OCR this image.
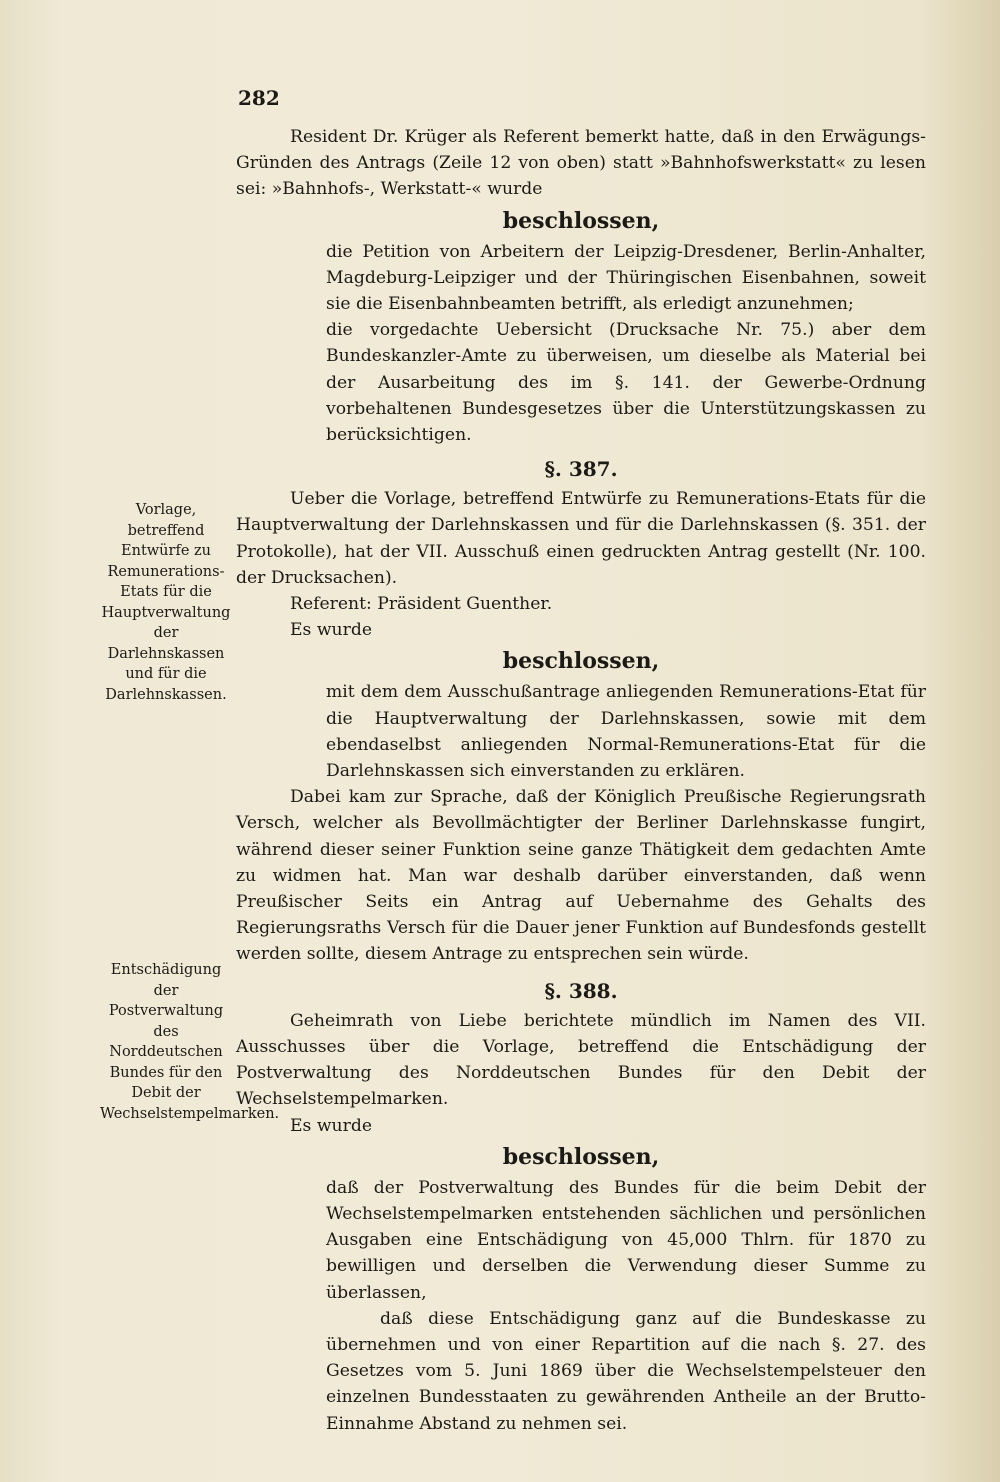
282

Resident Dr. Krüger als Referent bemerkt hatte, daß in den Erwägungs-Gründen des Antrags (Zeile 12 von oben) statt »Bahnhofswerkstatt« zu lesen sei: »Bahnhofs-, Werkstatt-« wurde

beschlossen,

die Petition von Arbeitern der Leipzig-Dresdener, Berlin-Anhalter, Magdeburg-Leipziger und der Thüringischen Eisenbahnen, soweit sie die Eisenbahnbeamten betrifft, als erledigt anzunehmen;

die vorgedachte Uebersicht (Drucksache Nr. 75.) aber dem Bundeskanzler-Amte zu überweisen, um dieselbe als Material bei der Ausarbeitung des im §. 141. der Gewerbe-Ordnung vorbehaltenen Bundesgesetzes über die Unterstützungskassen zu berücksichtigen.

§. 387.

Ueber die Vorlage, betreffend Entwürfe zu Remunerations-Etats für die Hauptverwaltung der Darlehnskassen und für die Darlehnskassen (§. 351. der Protokolle), hat der VII. Ausschuß einen gedruckten Antrag gestellt (Nr. 100. der Drucksachen).

Referent: Präsident Guenther.

Es wurde

beschlossen,

mit dem dem Ausschußantrage anliegenden Remunerations-Etat für die Hauptverwaltung der Darlehnskassen, sowie mit dem ebendaselbst anliegenden Normal-Remunerations-Etat für die Darlehnskassen sich einverstanden zu erklären.

Dabei kam zur Sprache, daß der Königlich Preußische Regierungsrath Versch, welcher als Bevollmächtigter der Berliner Darlehnskasse fungirt, während dieser seiner Funktion seine ganze Thätigkeit dem gedachten Amte zu widmen hat. Man war deshalb darüber einverstanden, daß wenn Preußischer Seits ein Antrag auf Uebernahme des Gehalts des Regierungsraths Versch für die Dauer jener Funktion auf Bundesfonds gestellt werden sollte, diesem Antrage zu entsprechen sein würde.

§. 388.

Geheimrath von Liebe berichtete mündlich im Namen des VII. Ausschusses über die Vorlage, betreffend die Entschädigung der Postverwaltung des Norddeutschen Bundes für den Debit der Wechselstempelmarken.

Es wurde

beschlossen,

daß der Postverwaltung des Bundes für die beim Debit der Wechselstempelmarken entstehenden sächlichen und persönlichen Ausgaben eine Entschädigung von 45,000 Thlrn. für 1870 zu bewilligen und derselben die Verwendung dieser Summe zu überlassen,

daß diese Entschädigung ganz auf die Bundeskasse zu übernehmen und von einer Repartition auf die nach §. 27. des Gesetzes vom 5. Juni 1869 über die Wechselstempelsteuer den einzelnen Bundesstaaten zu gewährenden Antheile an der Brutto-Einnahme Abstand zu nehmen sei.

Vorlage, betreffend Entwürfe zu Remunerations-Etats für die Hauptverwaltung der Darlehnskassen und für die Darlehnskassen.
Entschädigung der Postverwaltung des Norddeutschen Bundes für den Debit der Wechselstempelmarken.
